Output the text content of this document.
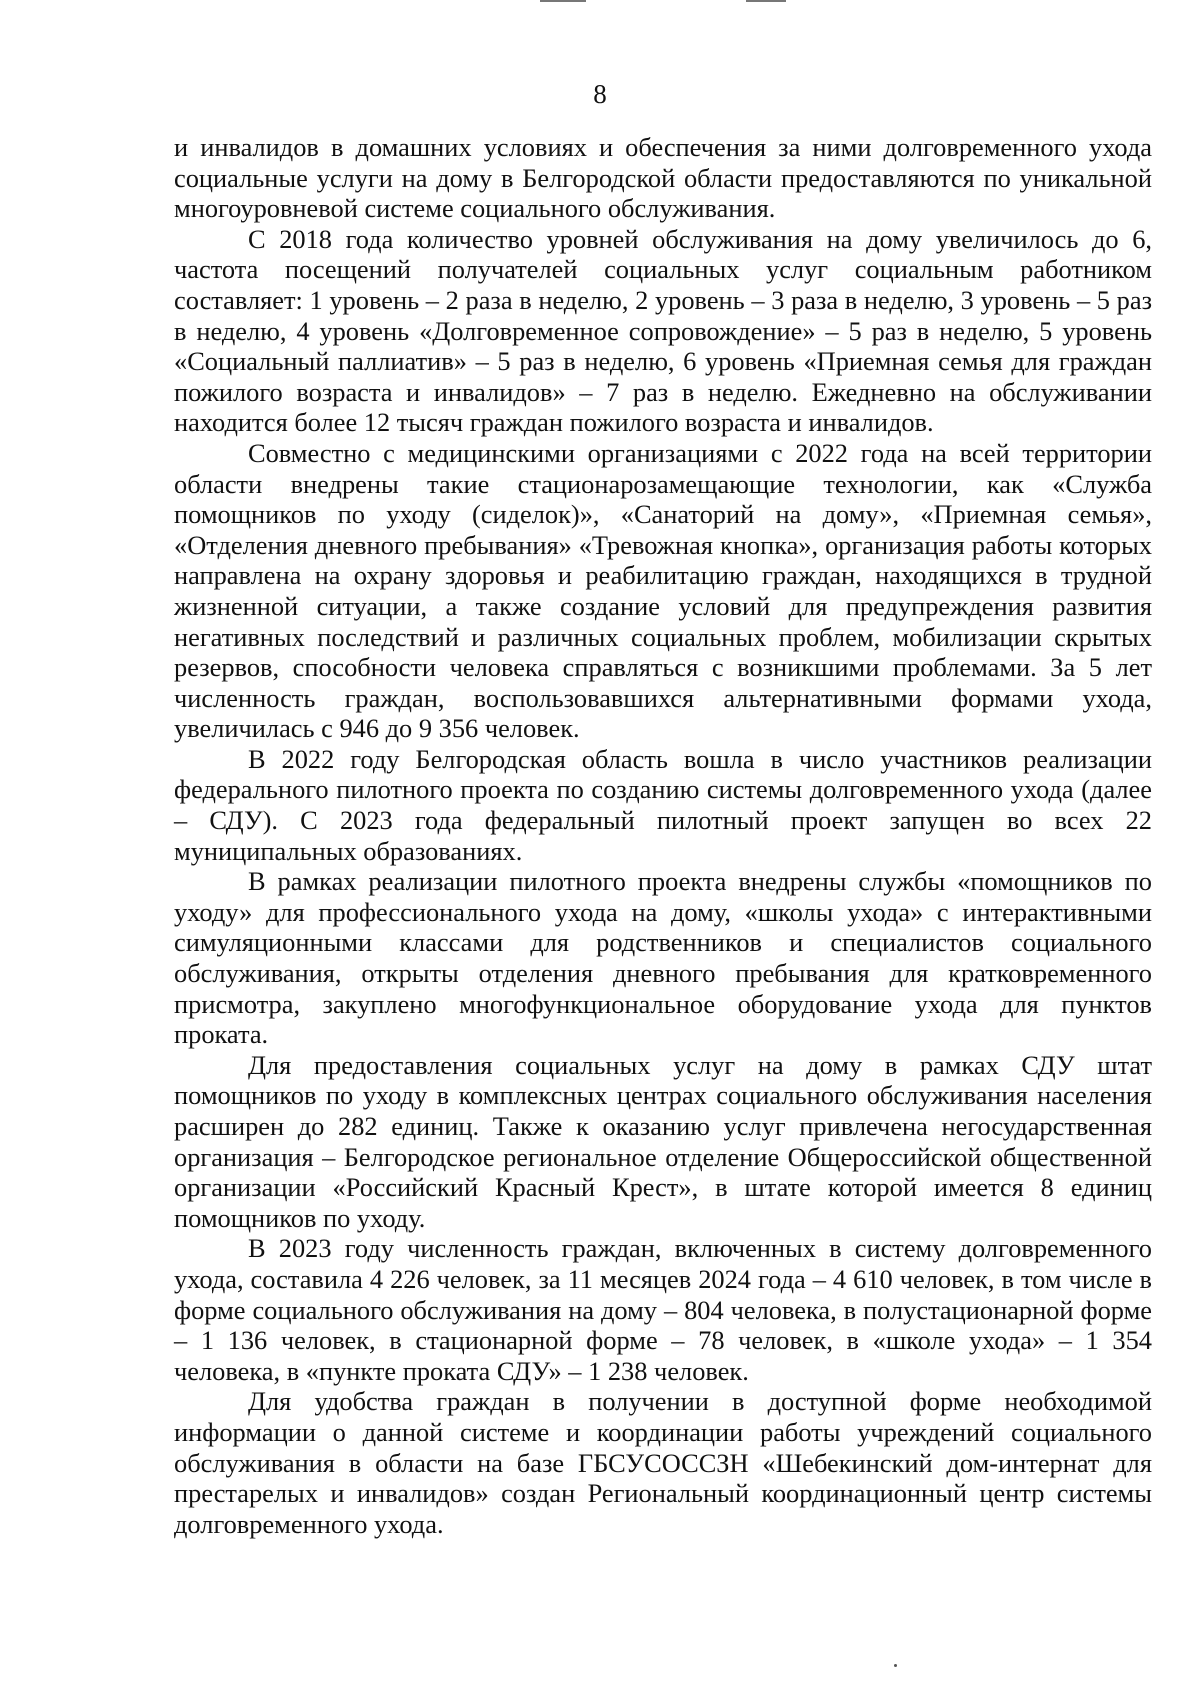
8

и инвалидов в домашних условиях и обеспечения за ними долговременного ухода социальные услуги на дому в Белгородской области предоставляются по уникальной многоуровневой системе социального обслуживания.

С 2018 года количество уровней обслуживания на дому увеличилось до 6, частота посещений получателей социальных услуг социальным работником составляет: 1 уровень – 2 раза в неделю, 2 уровень – 3 раза в неделю, 3 уровень – 5 раз в неделю, 4 уровень «Долговременное сопровождение» – 5 раз в неделю, 5 уровень «Социальный паллиатив» – 5 раз в неделю, 6 уровень «Приемная семья для граждан пожилого возраста и инвалидов» – 7 раз в неделю. Ежедневно на обслуживании находится более 12 тысяч граждан пожилого возраста и инвалидов.

Совместно с медицинскими организациями с 2022 года на всей территории области внедрены такие стационарозамещающие технологии, как «Служба помощников по уходу (сиделок)», «Санаторий на дому», «Приемная семья», «Отделения дневного пребывания» «Тревожная кнопка», организация работы которых направлена на охрану здоровья и реабилитацию граждан, находящихся в трудной жизненной ситуации, а также создание условий для предупреждения развития негативных последствий и различных социальных проблем, мобилизации скрытых резервов, способности человека справляться с возникшими проблемами. За 5 лет численность граждан, воспользовавшихся альтернативными формами ухода, увеличилась с 946 до 9 356 человек.

В 2022 году Белгородская область вошла в число участников реализации федерального пилотного проекта по созданию системы долговременного ухода (далее – СДУ). С 2023 года федеральный пилотный проект запущен во всех 22 муниципальных образованиях.

В рамках реализации пилотного проекта внедрены службы «помощников по уходу» для профессионального ухода на дому, «школы ухода» с интерактивными симуляционными классами для родственников и специалистов социального обслуживания, открыты отделения дневного пребывания для кратковременного присмотра, закуплено многофункциональное оборудование ухода для пунктов проката.

Для предоставления социальных услуг на дому в рамках СДУ штат помощников по уходу в комплексных центрах социального обслуживания населения расширен до 282 единиц. Также к оказанию услуг привлечена негосударственная организация – Белгородское региональное отделение Общероссийской общественной организации «Российский Красный Крест», в штате которой имеется 8 единиц помощников по уходу.

В 2023 году численность граждан, включенных в систему долговременного ухода, составила 4 226 человек, за 11 месяцев 2024 года – 4 610 человек, в том числе в форме социального обслуживания на дому – 804 человека, в полустационарной форме – 1 136 человек, в стационарной форме – 78 человек, в «школе ухода» – 1 354 человека, в «пункте проката СДУ» – 1 238 человек.

Для удобства граждан в получении в доступной форме необходимой информации о данной системе и координации работы учреждений социального обслуживания в области на базе ГБСУСОССЗН «Шебекинский дом-интернат для престарелых и инвалидов» создан Региональный координационный центр системы долговременного ухода.
